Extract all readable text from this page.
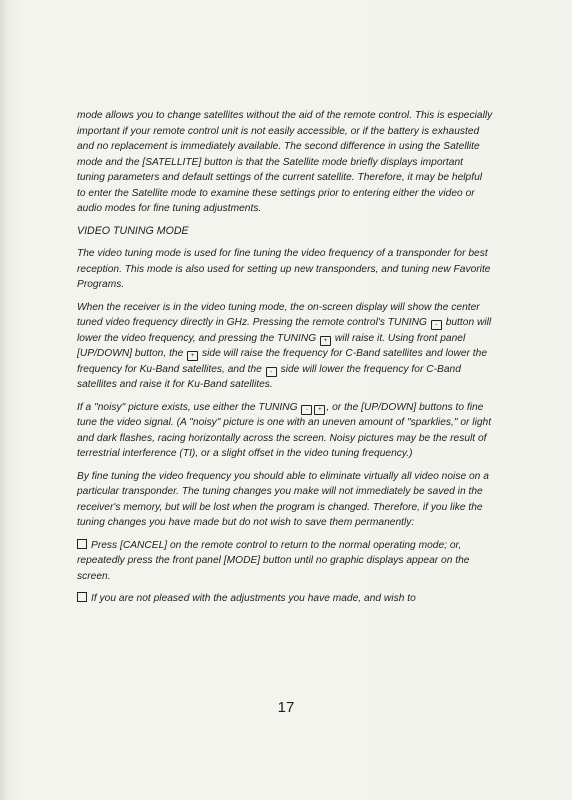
mode allows you to change satellites without the aid of the remote control. This is especially important if your remote control unit is not easily accessible, or if the battery is exhausted and no replacement is immediately available. The second difference in using the Satellite mode and the [SATELLITE] button is that the Satellite mode briefly displays important tuning parameters and default settings of the current satellite. Therefore, it may be helpful to enter the Satellite mode to examine these settings prior to entering either the video or audio modes for fine tuning adjustments.

VIDEO TUNING MODE

The video tuning mode is used for fine tuning the video frequency of a transponder for best reception. This mode is also used for setting up new transponders, and tuning new Favorite Programs.

When the receiver is in the video tuning mode, the on-screen display will show the center tuned video frequency directly in GHz. Pressing the remote control's TUNING - button will lower the video frequency, and pressing the TUNING + will raise it. Using front panel [UP/DOWN] button, the + side will raise the frequency for C-Band satellites and lower the frequency for Ku-Band satellites, and the - side will lower the frequency for C-Band satellites and raise it for Ku-Band satellites.

If a "noisy" picture exists, use either the TUNING - + , or the [UP/DOWN] buttons to fine tune the video signal. (A "noisy" picture is one with an uneven amount of "sparklies," or light and dark flashes, racing horizontally across the screen. Noisy pictures may be the result of terrestrial interference (TI), or a slight offset in the video tuning frequency.)

By fine tuning the video frequency you should able to eliminate virtually all video noise on a particular transponder. The tuning changes you make will not immediately be saved in the receiver's memory, but will be lost when the program is changed. Therefore, if you like the tuning changes you have made but do not wish to save them permanently:

Press [CANCEL] on the remote control to return to the normal operating mode; or, repeatedly press the front panel [MODE] button until no graphic displays appear on the screen.

If you are not pleased with the adjustments you have made, and wish to

17
